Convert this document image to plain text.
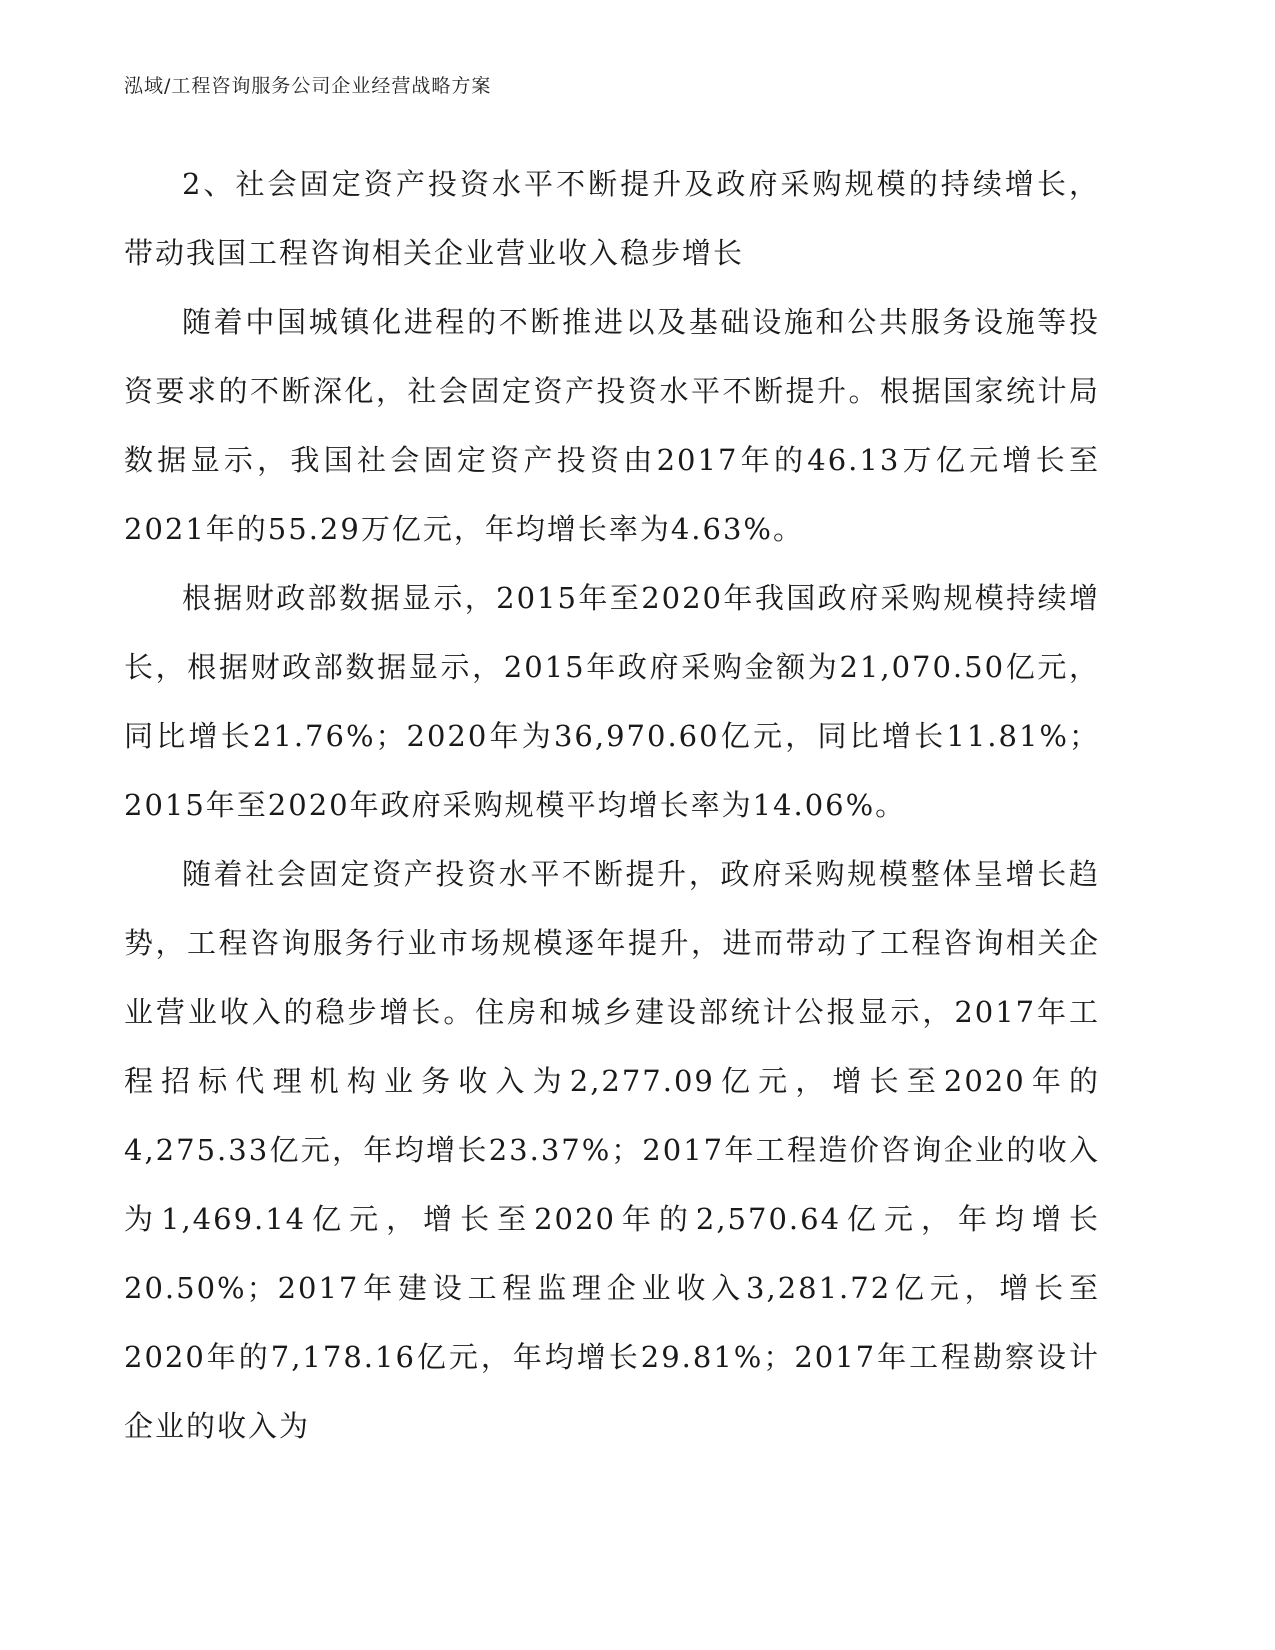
泓域/工程咨询服务公司企业经营战略方案

2、社会固定资产投资水平不断提升及政府采购规模的持续增长，带动我国工程咨询相关企业营业收入稳步增长

随着中国城镇化进程的不断推进以及基础设施和公共服务设施等投资要求的不断深化，社会固定资产投资水平不断提升。根据国家统计局数据显示，我国社会固定资产投资由2017年的46.13万亿元增长至2021年的55.29万亿元，年均增长率为4.63%。

根据财政部数据显示，2015年至2020年我国政府采购规模持续增长，根据财政部数据显示，2015年政府采购金额为21,070.50亿元，同比增长21.76%；2020年为36,970.60亿元，同比增长11.81%；2015年至2020年政府采购规模平均增长率为14.06%。

随着社会固定资产投资水平不断提升，政府采购规模整体呈增长趋势，工程咨询服务行业市场规模逐年提升，进而带动了工程咨询相关企业营业收入的稳步增长。住房和城乡建设部统计公报显示，2017年工程招标代理机构业务收入为2,277.09亿元，增长至2020年的4,275.33亿元，年均增长23.37%；2017年工程造价咨询企业的收入为1,469.14亿元，增长至2020年的2,570.64亿元，年均增长20.50%；2017年建设工程监理企业收入3,281.72亿元，增长至2020年的7,178.16亿元，年均增长29.81%；2017年工程勘察设计企业的收入为
